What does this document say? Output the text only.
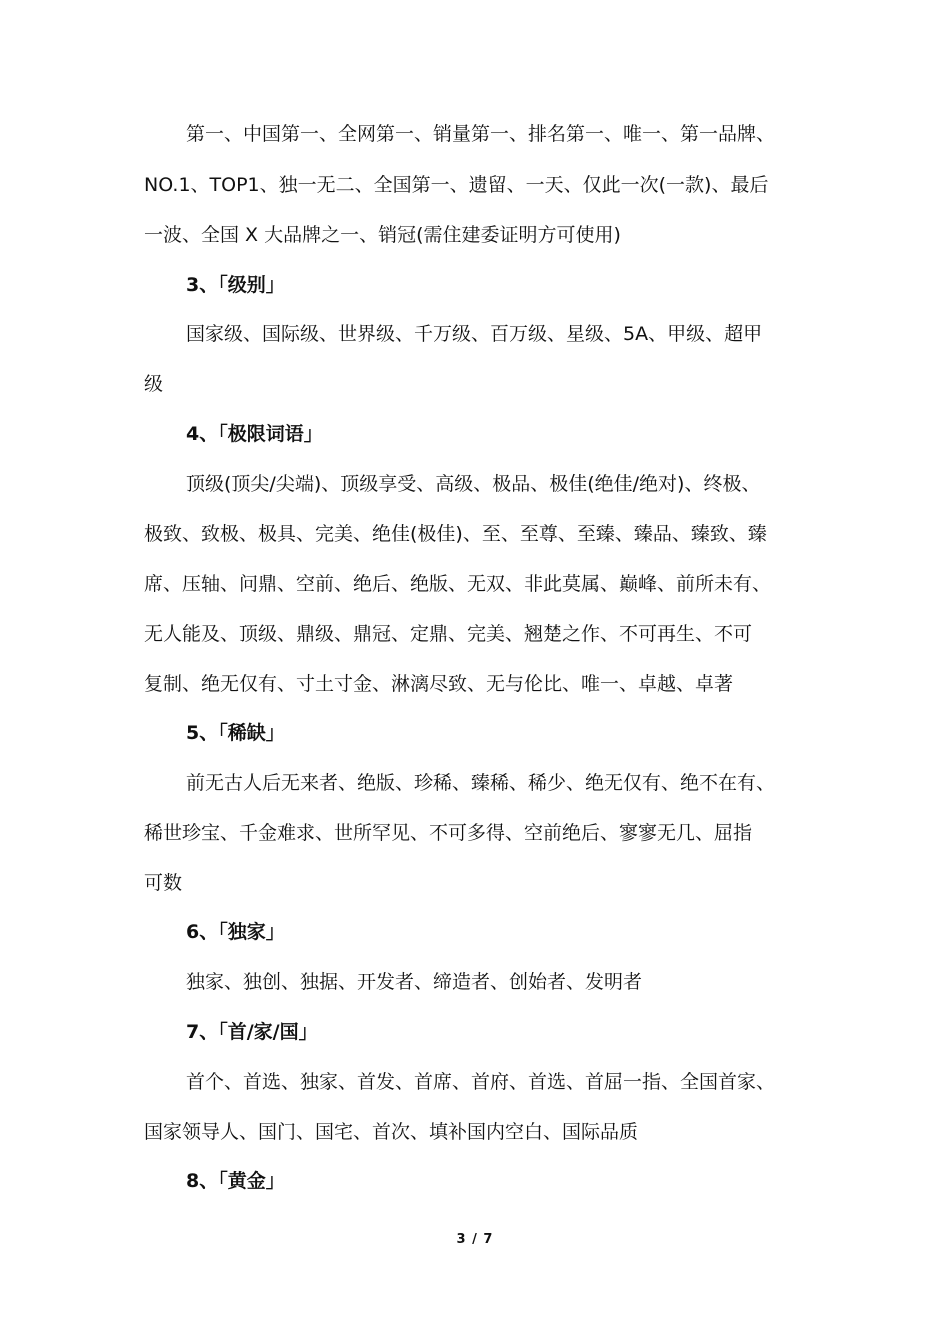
第一、中国第一、全网第一、销量第一、排名第一、唯一、第一品牌、
NO.1、TOP1、独一无二、全国第一、遗留、一天、仅此一次(一款)、最后
一波、全国 X 大品牌之一、销冠(需住建委证明方可使用)
3、「级别」
国家级、国际级、世界级、千万级、百万级、星级、5A、甲级、超甲
级
4、「极限词语」
顶级(顶尖/尖端)、顶级享受、高级、极品、极佳(绝佳/绝对)、终极、
极致、致极、极具、完美、绝佳(极佳)、至、至尊、至臻、臻品、臻致、臻
席、压轴、问鼎、空前、绝后、绝版、无双、非此莫属、巅峰、前所未有、
无人能及、顶级、鼎级、鼎冠、定鼎、完美、翘楚之作、不可再生、不可
复制、绝无仅有、寸土寸金、淋漓尽致、无与伦比、唯一、卓越、卓著
5、「稀缺」
前无古人后无来者、绝版、珍稀、臻稀、稀少、绝无仅有、绝不在有、
稀世珍宝、千金难求、世所罕见、不可多得、空前绝后、寥寥无几、屈指
可数
6、「独家」
独家、独创、独据、开发者、缔造者、创始者、发明者
7、「首/家/国」
首个、首选、独家、首发、首席、首府、首选、首屈一指、全国首家、
国家领导人、国门、国宅、首次、填补国内空白、国际品质
8、「黄金」
3 / 7
